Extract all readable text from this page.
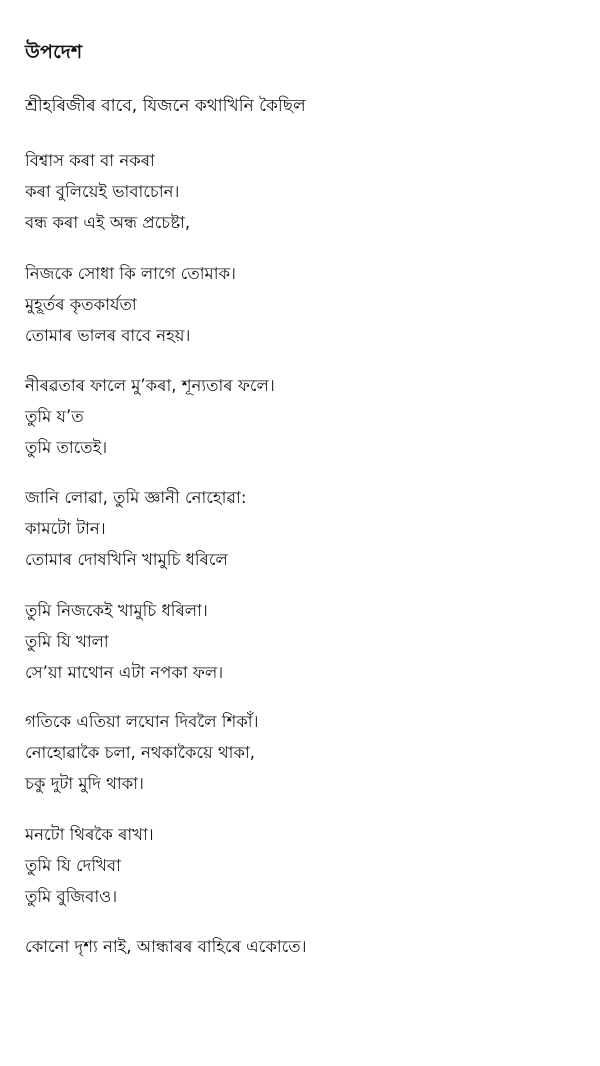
উপদেশ
শ্ৰীহৰিজীৰ বাবে, যিজনে কথাখিনি কৈছিল
বিশ্বাস কৰা বা নকৰা
কৰা বুলিয়েই ভাবাচোন।
বন্ধ কৰা এই অন্ধ প্ৰচেষ্টা,
নিজকে সোধা কি লাগে তোমাক।
মুহূৰ্তৰ কৃতকাৰ্যতা
তোমাৰ ভালৰ বাবে নহয়।
নীৰৱতাৰ ফালে মু’কৰা, শূন্যতাৰ ফলে।
তুমি য’ত
তুমি তাতেই।
জানি লোৱা, তুমি জ্ঞানী নোহোৱা:
কামটো টান।
তোমাৰ দোষখিনি খামুচি ধৰিলে
তুমি নিজকেই খামুচি ধৰিলা।
তুমি যি খালা
সে’য়া মাথোন এটা নপকা ফল।
গতিকে এতিয়া লঘোন দিবলৈ শিকাঁ।
নোহোৱাকৈ চলা, নথকাকৈয়ে থাকা,
চকু দুটা মুদি থাকা।
মনটো থিৰকৈ ৰাখা।
তুমি যি দেখিবা
তুমি বুজিবাও।
কোনো দৃশ্য নাই, আন্ধাৰৰ বাহিৰে একোতে।
